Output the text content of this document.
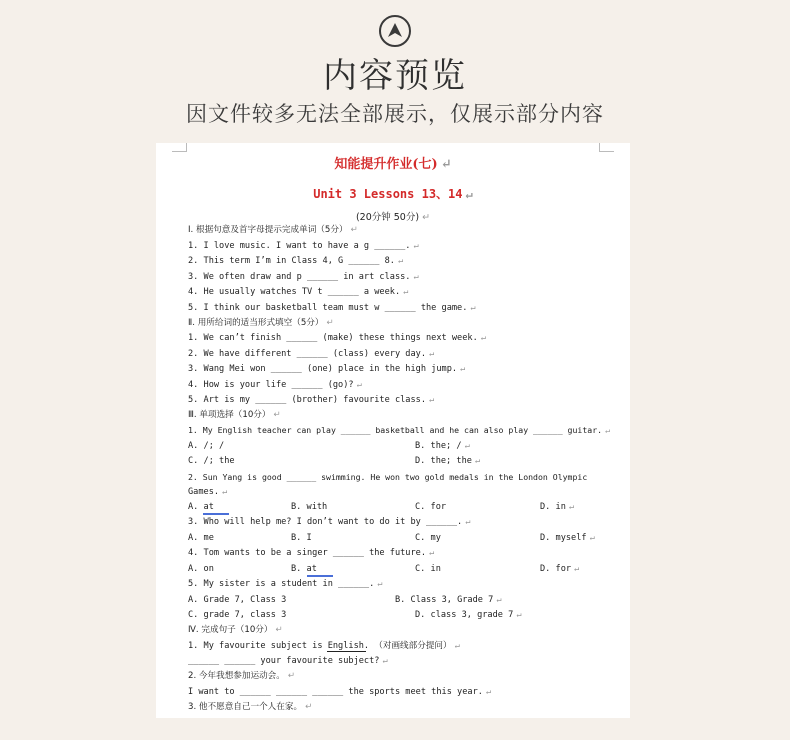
内容预览
因文件较多无法全部展示，仅展示部分内容
知能提升作业(七) ↵
Unit 3 Lessons 13、14 ↵
(20分钟 50分) ↵
Ⅰ. 根据句意及首字母提示完成单词（5分） ↵
1. I love music. I want to have a g ______. ↵
2. This term I’m in Class 4, G ______ 8. ↵
3. We often draw and p ______ in art class. ↵
4. He usually watches TV t ______ a week. ↵
5. I think our basketball team must w ______ the game. ↵
Ⅱ. 用所给词的适当形式填空（5分） ↵
1. We can’t finish ______ (make) these things next week. ↵
2. We have different ______ (class) every day. ↵
3. Wang Mei won ______ (one) place in the high jump. ↵
4. How is your life ______ (go)? ↵
5. Art is my ______ (brother) favourite class. ↵
Ⅲ. 单项选择（10分） ↵
1. My English teacher can play ______ basketball and he can also play ______ guitar. ↵
A. /; /	B. the; / ↵
C. /; the	D. the; the ↵
2. Sun Yang is good ______ swimming. He won two gold medals in the London Olympic
Games. ↵
A. at	B. with	C. for	D. in ↵
3. Who will help me? I don’t want to do it by ______. ↵
A. me	B. I	C. my	D. myself ↵
4. Tom wants to be a singer ______ the future. ↵
A. on	B. at	C. in	D. for ↵
5. My sister is a student in ______. ↵
A. Grade 7, Class 3	B. Class 3, Grade 7 ↵
C. grade 7, class 3	D. class 3, grade 7 ↵
Ⅳ. 完成句子（10分） ↵
1. My favourite subject is English. （对画线部分提问） ↵
______ ______ your favourite subject? ↵
2. 今年我想参加运动会。 ↵
I want to ______ ______ ______ the sports meet this year. ↵
3. 他不愿意自己一个人在家。 ↵
